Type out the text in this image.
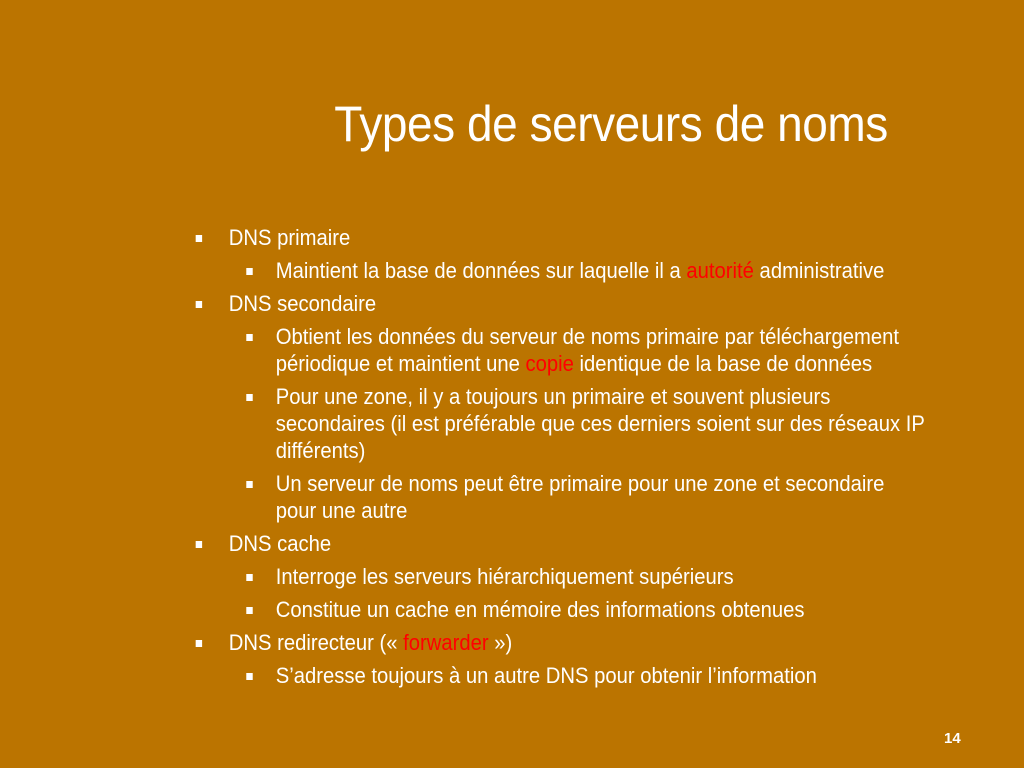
Types de serveurs de noms
DNS primaire
Maintient la base de données sur laquelle il a autorité administrative
DNS secondaire
Obtient les données du serveur de noms primaire par téléchargement périodique et maintient une copie identique de la base de données
Pour une zone, il y a toujours un primaire et souvent plusieurs secondaires (il est préférable que ces derniers soient sur des réseaux IP différents)
Un serveur de noms peut être primaire pour une zone et secondaire pour une autre
DNS cache
Interroge les serveurs hiérarchiquement supérieurs
Constitue un cache en mémoire des informations obtenues
DNS redirecteur (« forwarder »)
S’adresse toujours à un autre DNS pour obtenir l’information
14
